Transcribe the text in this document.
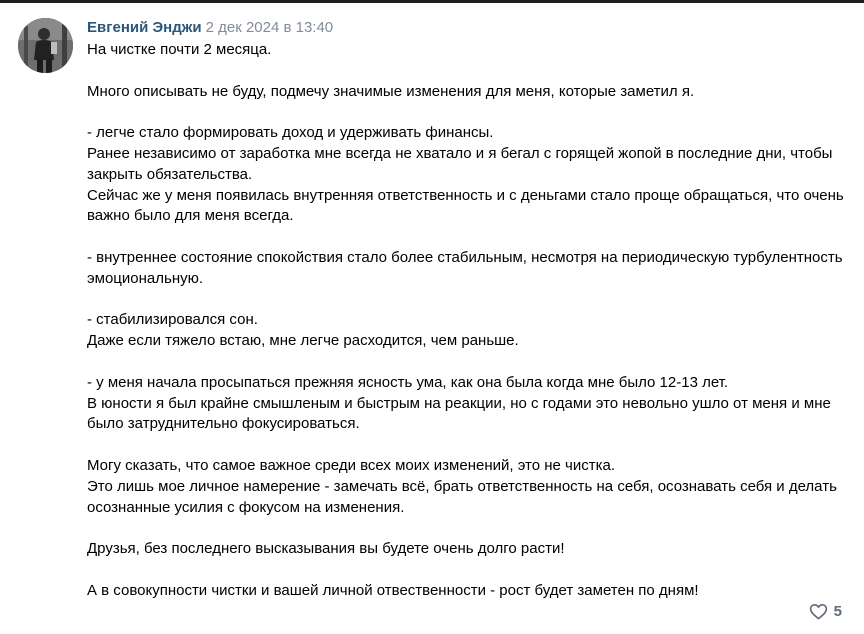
Евгений Энджи 2 дек 2024 в 13:40
На чистке почти 2 месяца.
Много описывать не буду, подмечу значимые изменения для меня, которые заметил я.
- легче стало формировать доход и удерживать финансы.
Ранее независимо от заработка мне всегда не хватало и я бегал с горящей жопой в последние дни, чтобы
закрыть обязательства.
Сейчас же у меня появилась внутренняя ответственность и с деньгами стало проще обращаться, что очень
важно было для меня всегда.
- внутреннее состояние спокойствия стало более стабильным, несмотря на периодическую турбулентность
эмоциональную.
- стабилизировался сон.
Даже если тяжело встаю, мне легче расходится, чем раньше.
- у меня начала просыпаться прежняя ясность ума, как она была когда мне было 12-13 лет.
В юности я был крайне смышленым и быстрым на реакции, но с годами это невольно ушло от меня и мне
было затруднительно фокусироваться.
Могу сказать, что самое важное среди всех моих изменений, это не чистка.
Это лишь мое личное намерение - замечать всё, брать ответственность на себя, осознавать себя и делать
осознанные усилия с фокусом на изменения.
Друзья, без последнего высказывания вы будете очень долго расти!
А в совокупности чистки и вашей личной отвественности - рост будет заметен по дням!
5
